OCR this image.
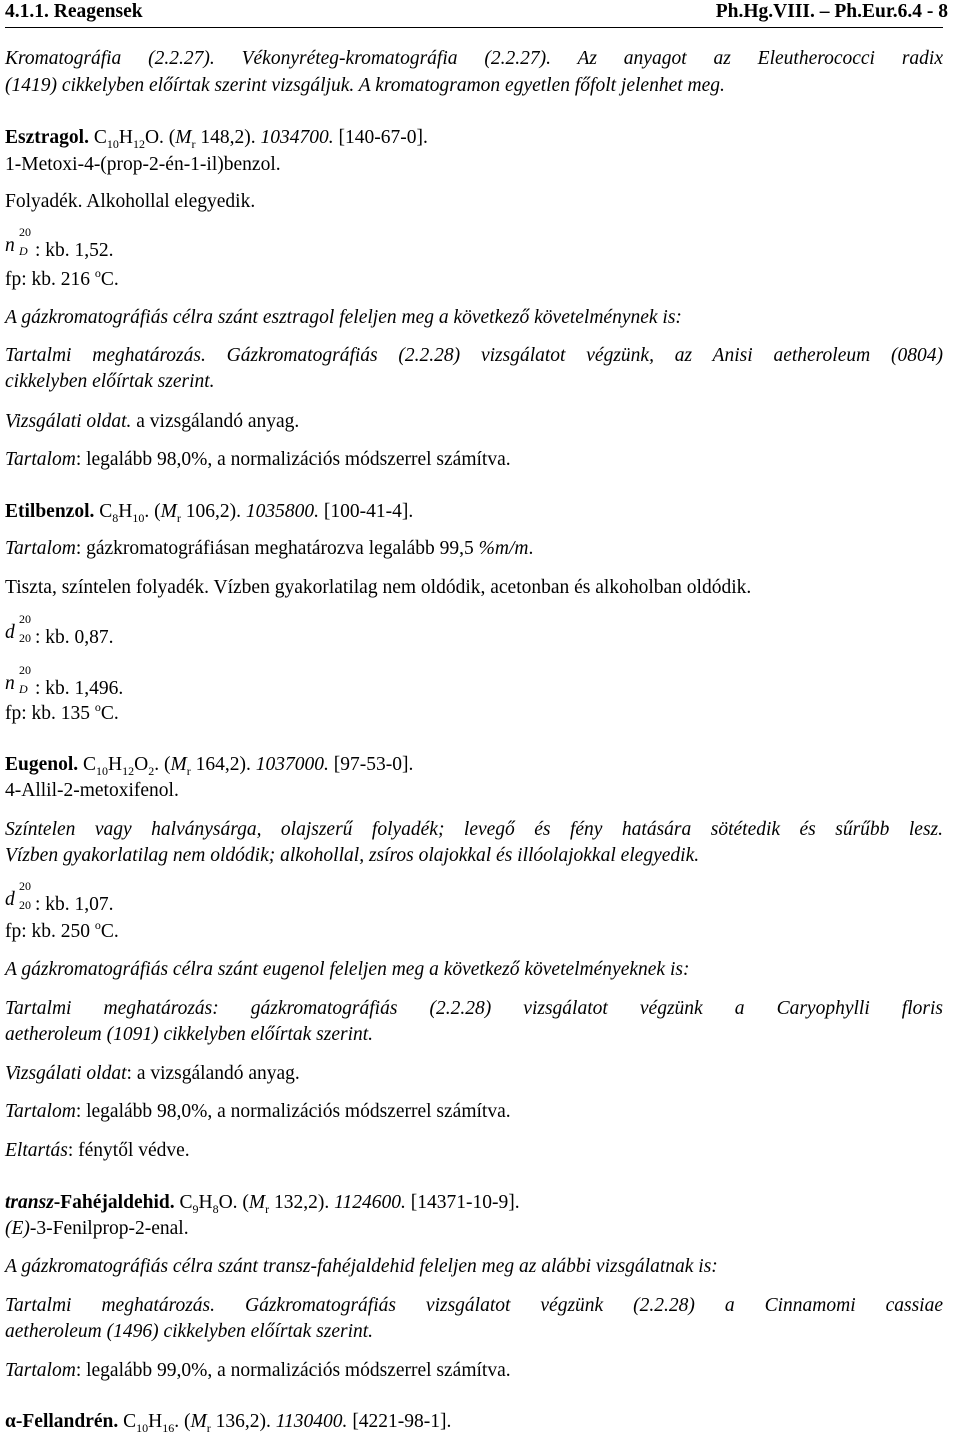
4.1.1. Reagensek	Ph.Hg.VIII. – Ph.Eur.6.4 - 8
Kromatográfia (2.2.27). Vékonyréteg-kromatográfia (2.2.27). Az anyagot az Eleutherococci radix
(1419) cikkelyben előírtak szerint vizsgáljuk. A kromatogramon egyetlen főfolt jelenhet meg.
Esztragol. $C_{10}H_{12}O$. ($M_r$ 148,2). 1034700. [140-67-0].
1-Metoxi-4-(prop-2-én-1-il)benzol.
Folyadék. Alkohollal elegyedik.
n
20
D : kb. 1,52.
fp: kb. 216 $^o$C.
A gázkromatográfiás célra szánt esztragol feleljen meg a következő követelménynek is:
Tartalmi meghatározás. Gázkromatográfiás (2.2.28) vizsgálatot végzünk, az Anisi aetheroleum (0804)
cikkelyben előírtak szerint.
Vizsgálati oldat. a vizsgálandó anyag.
Tartalom: legalább 98,0%, a normalizációs módszerrel számítva.
Etilbenzol. $C_8H_{10}$. ($M_r$ 106,2). 1035800. [100-41-4].
Tartalom: gázkromatográfiásan meghatározva legalább 99,5 %m/m.
Tiszta, színtelen folyadék. Vízben gyakorlatilag nem oldódik, acetonban és alkoholban oldódik.
d
20
20 : kb. 0,87.
n
20
D : kb. 1,496.
fp: kb. 135 $^o$C.
Eugenol. $C_{10}H_{12}O_2$. ($M_r$ 164,2). 1037000. [97-53-0].
4-Allil-2-metoxifenol.
Színtelen vagy halványsárga, olajszerű folyadék; levegő és fény hatására sötétedik és sűrűbb lesz.
Vízben gyakorlatilag nem oldódik; alkohollal, zsíros olajokkal és illóolajokkal elegyedik.
d
20
20 : kb. 1,07.
fp: kb. 250 $^o$C.
A gázkromatográfiás célra szánt eugenol feleljen meg a következő követelményeknek is:
Tartalmi meghatározás: gázkromatográfiás (2.2.28) vizsgálatot végzünk a Caryophylli floris
aetheroleum (1091) cikkelyben előírtak szerint.
Vizsgálati oldat: a vizsgálandó anyag.
Tartalom: legalább 98,0%, a normalizációs módszerrel számítva.
Eltartás: fénytől védve.
transz-Fahéjaldehid. $C_9H_8O$. ($M_r$ 132,2). 1124600. [14371-10-9].
(E)-3-Fenilprop-2-enal.
A gázkromatográfiás célra szánt transz-fahéjaldehid feleljen meg az alábbi vizsgálatnak is:
Tartalmi meghatározás. Gázkromatográfiás vizsgálatot végzünk (2.2.28) a Cinnamomi cassiae
aetheroleum (1496) cikkelyben előírtak szerint.
Tartalom: legalább 99,0%, a normalizációs módszerrel számítva.
α-Fellandrén. $C_{10}H_{16}$. ($M_r$ 136,2). 1130400. [4221-98-1].
